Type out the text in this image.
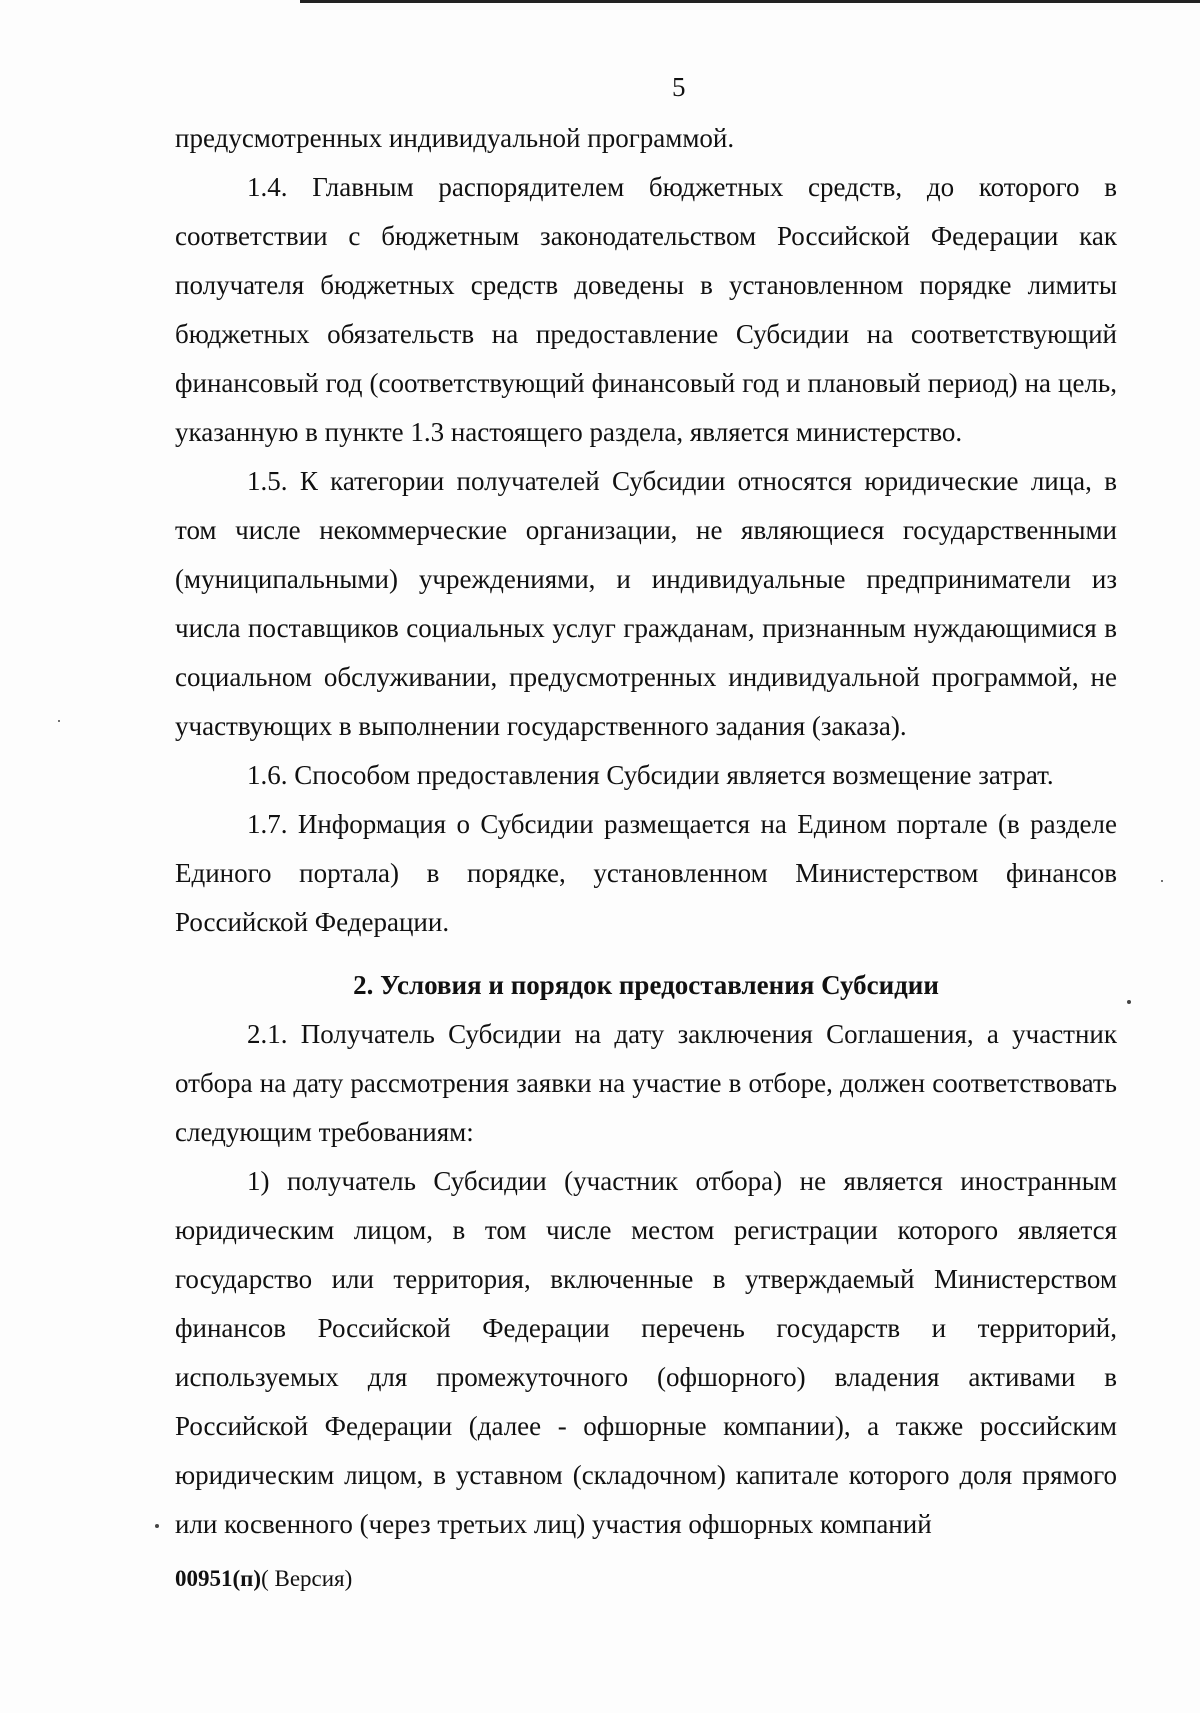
5

предусмотренных индивидуальной программой.

1.4. Главным распорядителем бюджетных средств, до которого в соответствии с бюджетным законодательством Российской Федерации как получателя бюджетных средств доведены в установленном порядке лимиты бюджетных обязательств на предоставление Субсидии на соответствующий финансовый год (соответствующий финансовый год и плановый период) на цель, указанную в пункте 1.3 настоящего раздела, является министерство.

1.5. К категории получателей Субсидии относятся юридические лица, в том числе некоммерческие организации, не являющиеся государственными (муниципальными) учреждениями, и индивидуальные предприниматели из числа поставщиков социальных услуг гражданам, признанным нуждающимися в социальном обслуживании, предусмотренных индивидуальной программой, не участвующих в выполнении государственного задания (заказа).

1.6. Способом предоставления Субсидии является возмещение затрат.

1.7. Информация о Субсидии размещается на Едином портале (в разделе Единого портала) в порядке, установленном Министерством финансов Российской Федерации.

2. Условия и порядок предоставления Субсидии

2.1. Получатель Субсидии на дату заключения Соглашения, а участник отбора на дату рассмотрения заявки на участие в отборе, должен соответствовать следующим требованиям:

1) получатель Субсидии (участник отбора) не является иностранным юридическим лицом, в том числе местом регистрации которого является государство или территория, включенные в утверждаемый Министерством финансов Российской Федерации перечень государств и территорий, используемых для промежуточного (офшорного) владения активами в Российской Федерации (далее - офшорные компании), а также российским юридическим лицом, в уставном (складочном) капитале которого доля прямого или косвенного (через третьих лиц) участия офшорных компаний

00951(п)( Версия)
